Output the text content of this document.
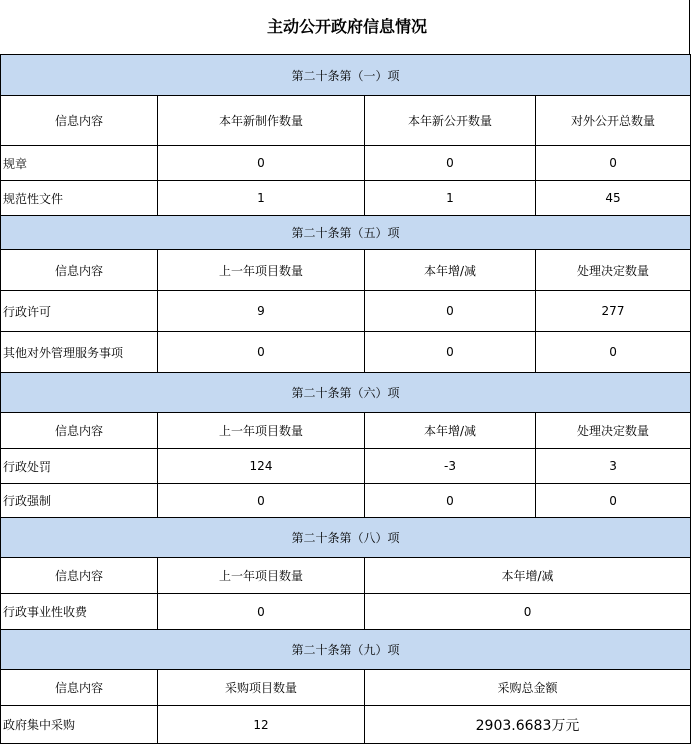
主动公开政府信息情况
第二十条第（一）项			
信息内容	本年新制作数量	本年新公开数量	对外公开总数量
规章	0	0	0
规范性文件	1	1	45
第二十条第（五）项			
信息内容	上一年项目数量	本年增/减	处理决定数量
行政许可	9	0	277
其他对外管理服务事项	0	0	0
第二十条第（六）项			
信息内容	上一年项目数量	本年增/减	处理决定数量
行政处罚	124	-3	3
行政强制	0	0	0
第二十条第（八）项			
信息内容	上一年项目数量	本年增/减	
行政事业性收费	0	0	
第二十条第（九）项			
信息内容	采购项目数量	采购总金额	
政府集中采购	12	2903.6683万元	
